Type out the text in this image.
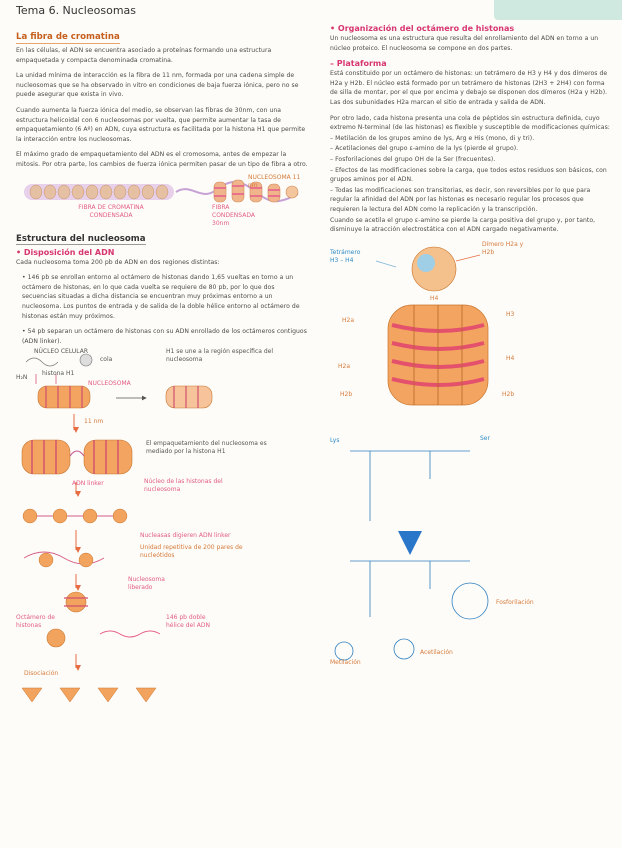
Tema 6. Nucleosomas
La fibra de cromatina

En las células, el ADN se encuentra asociado a proteínas formando una estructura empaquetada y compacta denominada cromatina.

La unidad mínima de interacción es la fibra de 11 nm, formada por una cadena simple de nucleosomas que se ha observado in vitro en condiciones de baja fuerza iónica, pero no se puede asegurar que exista in vivo.

Cuando aumenta la fuerza iónica del medio, se observan las fibras de 30nm, con una estructura helicoidal con 6 nucleosomas por vuelta, que permite aumentar la tasa de empaquetamiento (6 Aº) en ADN, cuya estructura es facilitada por la histona H1 que permite la interacción entre los nucleosomas.

El máximo grado de empaquetamiento del ADN es el cromosoma, antes de empezar la mitosis. Por otra parte, los cambios de fuerza iónica permiten pasar de un tipo de fibra a otro.

NUCLEOSOMA 11 nm
FIBRA DE CROMATINA CONDENSADA
FIBRA CONDENSADA 30nm
Estructura del nucleosoma
• Disposición del ADN

Cada nucleosoma toma 200 pb de ADN en dos regiones distintas:

• 146 pb se enrollan entorno al octámero de histonas dando 1,65 vueltas en torno a un octámero de histonas, en lo que cada vuelta se requiere de 80 pb, por lo que dos secuencias situadas a dicha distancia se encuentran muy próximas entorno a un nucleosoma. Los puntos de entrada y de salida de la doble hélice entorno al octámero de histonas están muy próximos.

• 54 pb separan un octámero de histonas con su ADN enrollado de los octámeros contiguos (ADN linker).

NÚCLEO CELULAR
cola
H1 se une a la región específica del nucleosoma
H₂N
histona H1
NUCLEOSOMA
11 nm
El empaquetamiento del nucleosoma es mediado por la histona H1
ADN linker	Núcleo de las histonas del nucleosoma
Nucleasas digieren ADN linker
Unidad repetitiva de 200 pares de nucleótidos
Nucleosoma liberado
Octámero de histonas
146 pb doble hélice del ADN
Disociación
• Organización del octámero de histonas

Un nucleosoma es una estructura que resulta del enrollamiento del ADN en torno a un núcleo proteico. El nucleosoma se compone en dos partes.

– Plataforma

Está constituido por un octámero de histonas: un tetrámero de H3 y H4 y dos dímeros de H2a y H2b. El núcleo está formado por un tetrámero de histonas (2H3 + 2H4) con forma de silla de montar, por el que por encima y debajo se disponen dos dímeros (H2a y H2b). Las dos subunidades H2a marcan el sitio de entrada y salida de ADN.

Por otro lado, cada histona presenta una cola de péptidos sin estructura definida, cuyo extremo N-terminal (de las histonas) es flexible y susceptible de modificaciones químicas:

– Metilación de los grupos amino de lys, Arg e His (mono, di y tri).

– Acetilaciones del grupo ε-amino de la lys (pierde el grupo).

– Fosforilaciones del grupo OH de la Ser (frecuentes).

– Efectos de las modificaciones sobre la carga, que todos estos residuos son básicos, con grupos aminos por el ADN.

– Todas las modificaciones son transitorias, es decir, son reversibles por lo que para regular la afinidad del ADN por las histonas es necesario regular los procesos que requieren la lectura del ADN como la replicación y la transcripción.

Cuando se acetila el grupo ε-amino se pierde la carga positiva del grupo y, por tanto, disminuye la atracción electrostática con el ADN cargado negativamente.

Tetrámero H3 – H4
Dímero H2a y H2b
H4
H3
H2a
H2a
H4
H2b	H2b
Lys	Ser
Fosforilación
Metilación
Acetilación
